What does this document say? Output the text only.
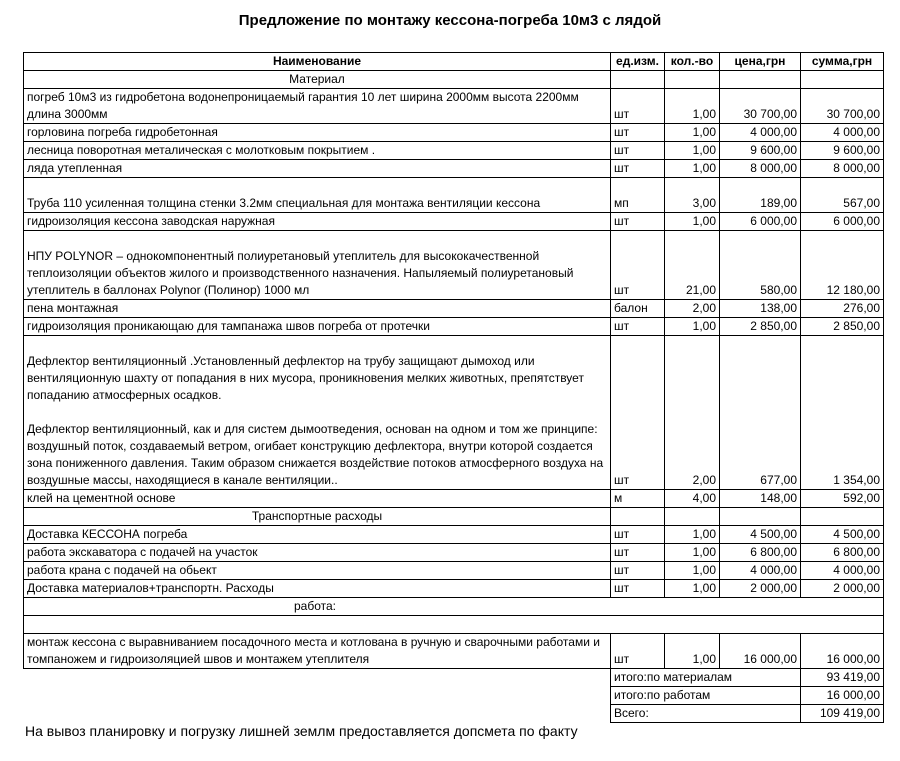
Предложение по монтажу кессона-погреба 10м3 с лядой
Наименование	ед.изм.	кол.-во	цена,грн	сумма,грн
Материал				
погреб 10м3 из гидробетона водонепроницаемый гарантия 10 лет ширина 2000мм высота 2200мм длина 3000мм	шт	1,00	30 700,00	30 700,00
горловина погреба гидробетонная	шт	1,00	4 000,00	4 000,00
лесница поворотная металическая с молотковым покрытием .	шт	1,00	9 600,00	9 600,00
ляда утепленная	шт	1,00	8 000,00	8 000,00
Труба 110 усиленная толщина стенки 3.2мм специальная для монтажа вентиляции кессона	мп	3,00	189,00	567,00
гидроизоляция кессона заводская наружная	шт	1,00	6 000,00	6 000,00
НПУ POLYNOR – однокомпонентный полиуретановый утеплитель для высококачественной теплоизоляции объектов жилого и производственного назначения. Напыляемый полиуретановый утеплитель в баллонах Polynor (Полинор) 1000 мл	шт	21,00	580,00	12 180,00
пена монтажная	балон	2,00	138,00	276,00
гидроизоляция проникающаю для тампанажа швов погреба от протечки	шт	1,00	2 850,00	2 850,00

Дефлектор вентиляционный .Установленный дефлектор на трубу защищают дымоход или вентиляционную шахту от попадания в них мусора, проникновения мелких животных, препятствует попаданию атмосферных осадков.
Дефлектор вентиляционный, как и для систем дымоотведения, основан на одном и том же принципе: воздушный поток, создаваемый ветром, огибает конструкцию дефлектора, внутри которой создается зона пониженного давления. Таким образом снижается воздействие потоков атмосферного воздуха на воздушные массы, находящиеся в канале вентиляции..	шт	2,00	677,00	1 354,00
клей на цементной основе	м	4,00	148,00	592,00
Транспортные расходы				
Доставка КЕССОНА погреба	шт	1,00	4 500,00	4 500,00
работа экскаватора с подачей на участок	шт	1,00	6 800,00	6 800,00
работа крана с подачей на обьект	шт	1,00	4 000,00	4 000,00
Доставка материалов+транспортн. Расходы	шт	1,00	2 000,00	2 000,00
работа:				

монтаж кессона с выравниванием посадочного места и котлована в ручную и сварочными работами и томпаножем и гидроизоляцией швов и монтажем утеплителя	шт	1,00	16 000,00	16 000,00
	итого:по материалам			93 419,00
	итого:по работам			16 000,00
	Всего:			109 419,00
На вывоз планировку и погрузку лишней землм предоставляется допсмета по факту
